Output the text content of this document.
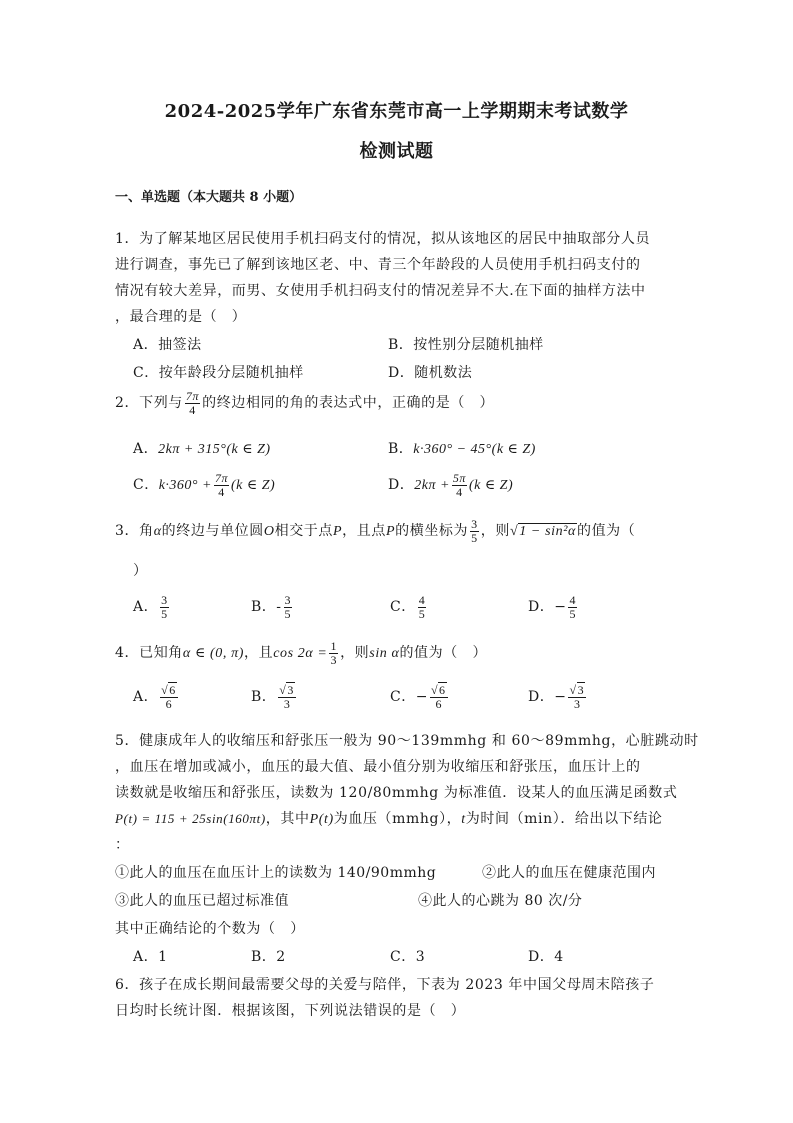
2024-2025学年广东省东莞市高一上学期期末考试数学
检测试题
一、单选题（本大题共 8 小题）
1．为了解某地区居民使用手机扫码支付的情况，拟从该地区的居民中抽取部分人员
进行调查，事先已了解到该地区老、中、青三个年龄段的人员使用手机扫码支付的
情况有较大差异，而男、女使用手机扫码支付的情况差异不大.在下面的抽样方法中
，最合理的是（　）
A．抽签法	B．按性别分层随机抽样
C．按年龄段分层随机抽样	D．随机数法
2．下列与 $\frac{7\pi}{4}$ 的终边相同的角的表达式中，正确的是（　）
A．2kπ + 315°(k ∈ Z)	B．k·360° − 45°(k ∈ Z)
C．$k\cdot 360^\circ + \frac{7\pi}{4} (k$ ∈ Z)	D．$2k\pi + \frac{5\pi}{4} (k$ ∈ Z)
3．角α的终边与单位圆O相交于点P，且点P的横坐标为 $\frac{3}{5}$ ，则√1 − sin²α的值为（
）
A． $\frac{3}{5}$	B．- $\frac{3}{5}$	C． $\frac{4}{5}$	D．− $\frac{4}{5}$
4．已知角α ∈ (0, π)，且$\cos 2\alpha = \frac{1}{3}$ ，则sin α的值为（　）
A． $\frac{√6}{6}$	B． $\frac{√3}{3}$	C．− $\frac{√6}{6}$	D．− $\frac{√3}{3}$
5．健康成年人的收缩压和舒张压一般为 90～139mmhg 和 60～89mmhg，心脏跳动时
，血压在增加或减小，血压的最大值、最小值分别为收缩压和舒张压，血压计上的
读数就是收缩压和舒张压，读数为 120/80mmhg 为标准值．设某人的血压满足函数式
P(t) = 115 + 25sin(160πt)，其中P(t)为血压（mmhg），t为时间（min）．给出以下结论
：
①此人的血压在血压计上的读数为 140/90mmhg	②此人的血压在健康范围内
③此人的血压已超过标准值	④此人的心跳为 80 次/分
其中正确结论的个数为（　）
A．1	B．2	C．3	D．4
6．孩子在成长期间最需要父母的关爱与陪伴，下表为 2023 年中国父母周末陪孩子
日均时长统计图．根据该图，下列说法错误的是（　）
